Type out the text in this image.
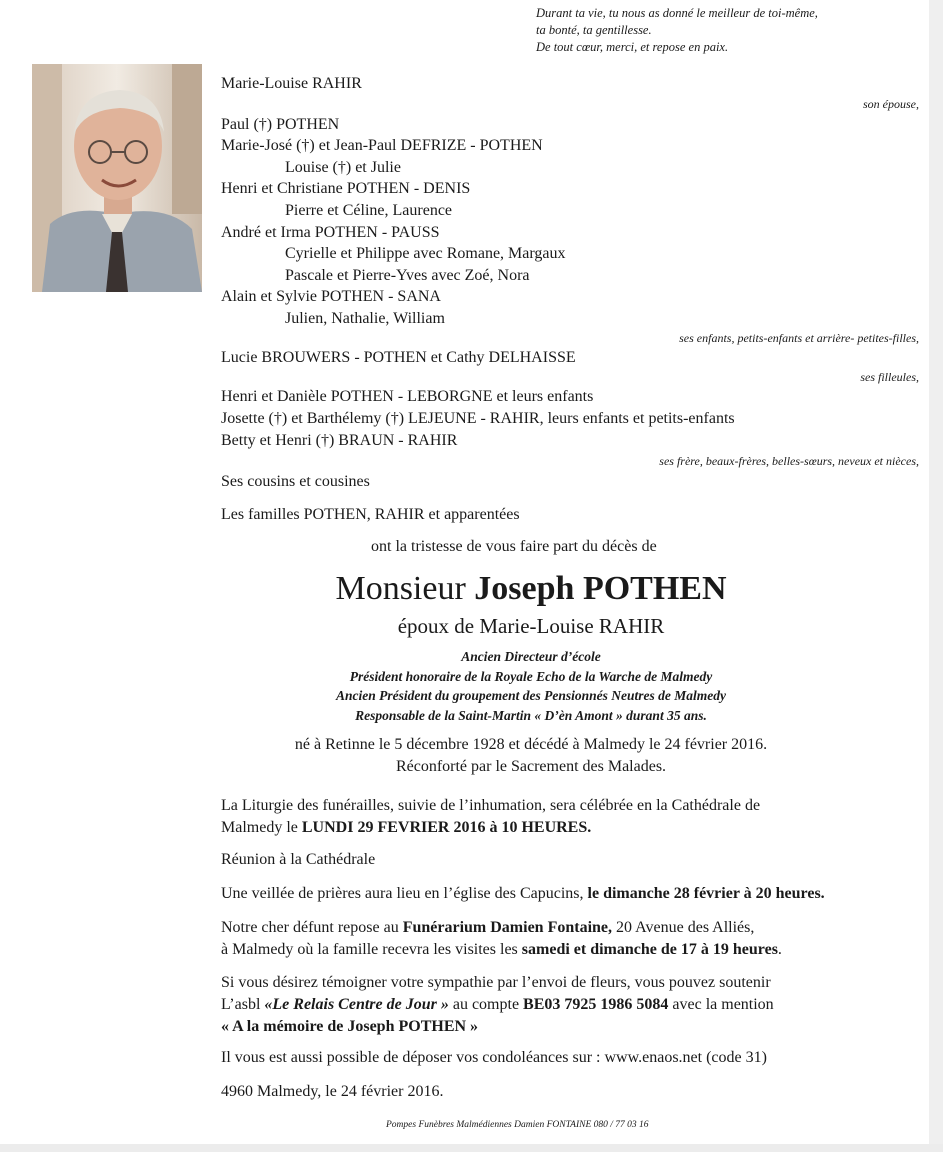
Durant ta vie, tu nous as donné le meilleur de toi-même,
ta bonté, ta gentillesse.
De tout cœur, merci, et repose en paix.
Marie-Louise RAHIR
son épouse,
Paul (†) POTHEN
Marie-José (†) et Jean-Paul DEFRIZE - POTHEN
Louise (†) et Julie
Henri et Christiane POTHEN - DENIS
Pierre et Céline, Laurence
André et Irma POTHEN - PAUSS
Cyrielle et Philippe avec Romane, Margaux
Pascale et Pierre-Yves avec Zoé, Nora
Alain et Sylvie POTHEN - SANA
Julien, Nathalie, William
ses enfants, petits-enfants et arrière- petites-filles,
Lucie BROUWERS - POTHEN et Cathy DELHAISSE
ses filleules,
Henri et Danièle POTHEN - LEBORGNE et leurs enfants
Josette (†) et Barthélemy (†) LEJEUNE - RAHIR, leurs enfants et petits-enfants
Betty et Henri (†) BRAUN - RAHIR
ses frère, beaux-frères, belles-sœurs, neveux et nièces,
Ses cousins et cousines
Les familles POTHEN, RAHIR et apparentées
ont la tristesse de vous faire part du décès de
Monsieur Joseph POTHEN
époux de Marie-Louise RAHIR
Ancien Directeur d’école
Président honoraire de la Royale Echo de la Warche de Malmedy
Ancien Président du groupement des Pensionnés Neutres de Malmedy
Responsable de la Saint-Martin « D’èn Amont » durant 35 ans.
né à Retinne le 5 décembre 1928 et décédé à Malmedy le 24 février 2016.
Réconforté par le Sacrement des Malades.
La Liturgie des funérailles, suivie de l’inhumation, sera célébrée en la Cathédrale de
Malmedy le LUNDI 29 FEVRIER 2016 à 10 HEURES.
Réunion à la Cathédrale
Une veillée de prières aura lieu en l’église des Capucins, le dimanche 28 février à 20 heures.
Notre cher défunt repose au Funérarium Damien Fontaine, 20 Avenue des Alliés,
à Malmedy où la famille recevra les visites les samedi et dimanche de 17 à 19 heures.
Si vous désirez témoigner votre sympathie par l’envoi de fleurs, vous pouvez soutenir
L’asbl «Le Relais Centre de Jour » au compte BE03 7925 1986 5084 avec la mention
« A la mémoire de Joseph POTHEN »
Il vous est aussi possible de déposer vos condoléances sur : www.enaos.net (code 31)
4960 Malmedy, le 24 février 2016.
Pompes Funèbres Malmédiennes Damien FONTAINE 080 / 77 03 16
